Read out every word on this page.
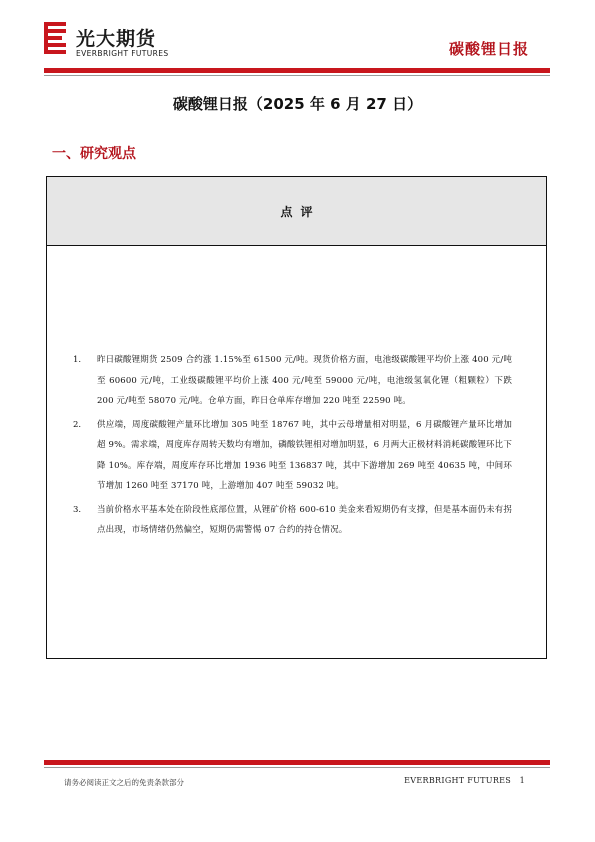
光大期货
EVERBRIGHT FUTURES	碳酸锂日报
碳酸锂日报（2025 年 6 月 27 日）
一、研究观点
点评
1.	昨日碳酸锂期货 2509 合约涨 1.15%至 61500 元/吨。现货价格方面，电池级碳酸锂平均价上涨 400 元/吨至 60600 元/吨，工业级碳酸锂平均价上涨 400 元/吨至 59000 元/吨，电池级氢氧化锂（粗颗粒）下跌 200 元/吨至 58070 元/吨。仓单方面，昨日仓单库存增加 220 吨至 22590 吨。
2.	供应端，周度碳酸锂产量环比增加 305 吨至 18767 吨，其中云母增量相对明显，6 月碳酸锂产量环比增加超 9%。需求端，周度库存周转天数均有增加，磷酸铁锂相对增加明显，6 月两大正极材料消耗碳酸锂环比下降 10%。库存端，周度库存环比增加 1936 吨至 136837 吨，其中下游增加 269 吨至 40635 吨，中间环节增加 1260 吨至 37170 吨，上游增加 407 吨至 59032 吨。
3.	当前价格水平基本处在阶段性底部位置，从锂矿价格 600-610 美金来看短期仍有支撑，但是基本面仍未有拐点出现，市场情绪仍然偏空，短期仍需警惕 07 合约的持仓情况。
请务必阅读正文之后的免责条款部分	EVERBRIGHT FUTURES 1
